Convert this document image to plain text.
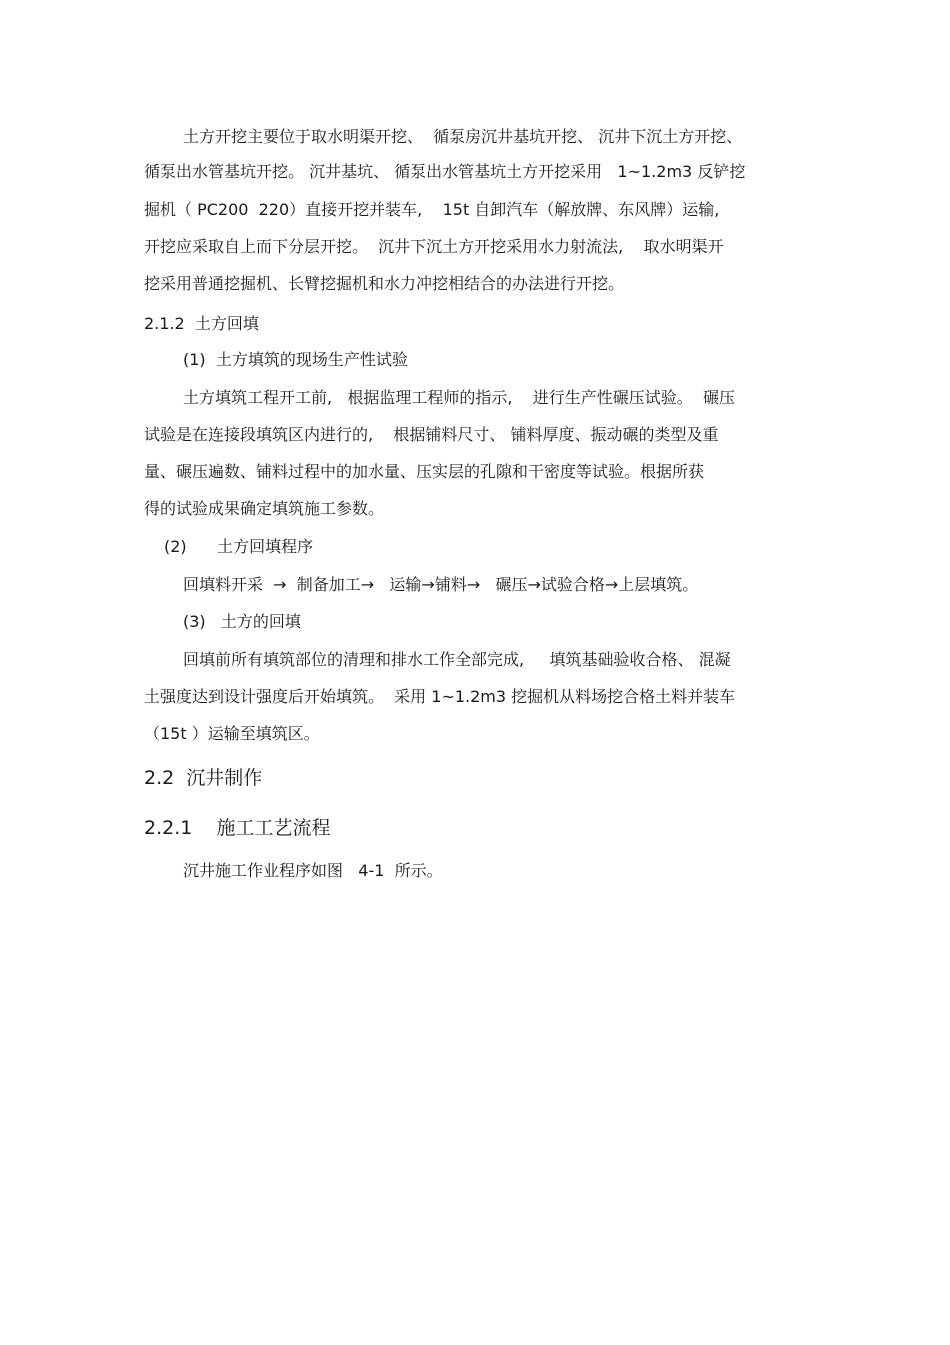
土方开挖主要位于取水明渠开挖、  循泵房沉井基坑开挖、 沉井下沉土方开挖、
循泵出水管基坑开挖。 沉井基坑、 循泵出水管基坑土方开挖采用   1~1.2m3 反铲挖
掘机（ PC200  220）直接开挖并装车,    15t 自卸汽车（解放牌、东风牌）运输,
开挖应采取自上而下分层开挖。  沉井下沉土方开挖采用水力射流法,    取水明渠开
挖采用普通挖掘机、长臂挖掘机和水力冲挖相结合的办法进行开挖。
2.1.2  土方回填
(1)  土方填筑的现场生产性试验
土方填筑工程开工前,   根据监理工程师的指示,    进行生产性碾压试验。  碾压
试验是在连接段填筑区内进行的,    根据铺料尺寸、 铺料厚度、振动碾的类型及重
量、碾压遍数、铺料过程中的加水量、压实层的孔隙和干密度等试验。根据所获
得的试验成果确定填筑施工参数。
(2)      土方回填程序
回填料开采  →  制备加工→   运输→铺料→   碾压→试验合格→上层填筑。
(3)   土方的回填
回填前所有填筑部位的清理和排水工作全部完成,     填筑基础验收合格、 混凝
土强度达到设计强度后开始填筑。  采用 1~1.2m3 挖掘机从料场挖合格土料并装车
（15t ）运输至填筑区。
2.2  沉井制作
2.2.1    施工工艺流程
沉井施工作业程序如图   4-1  所示。
